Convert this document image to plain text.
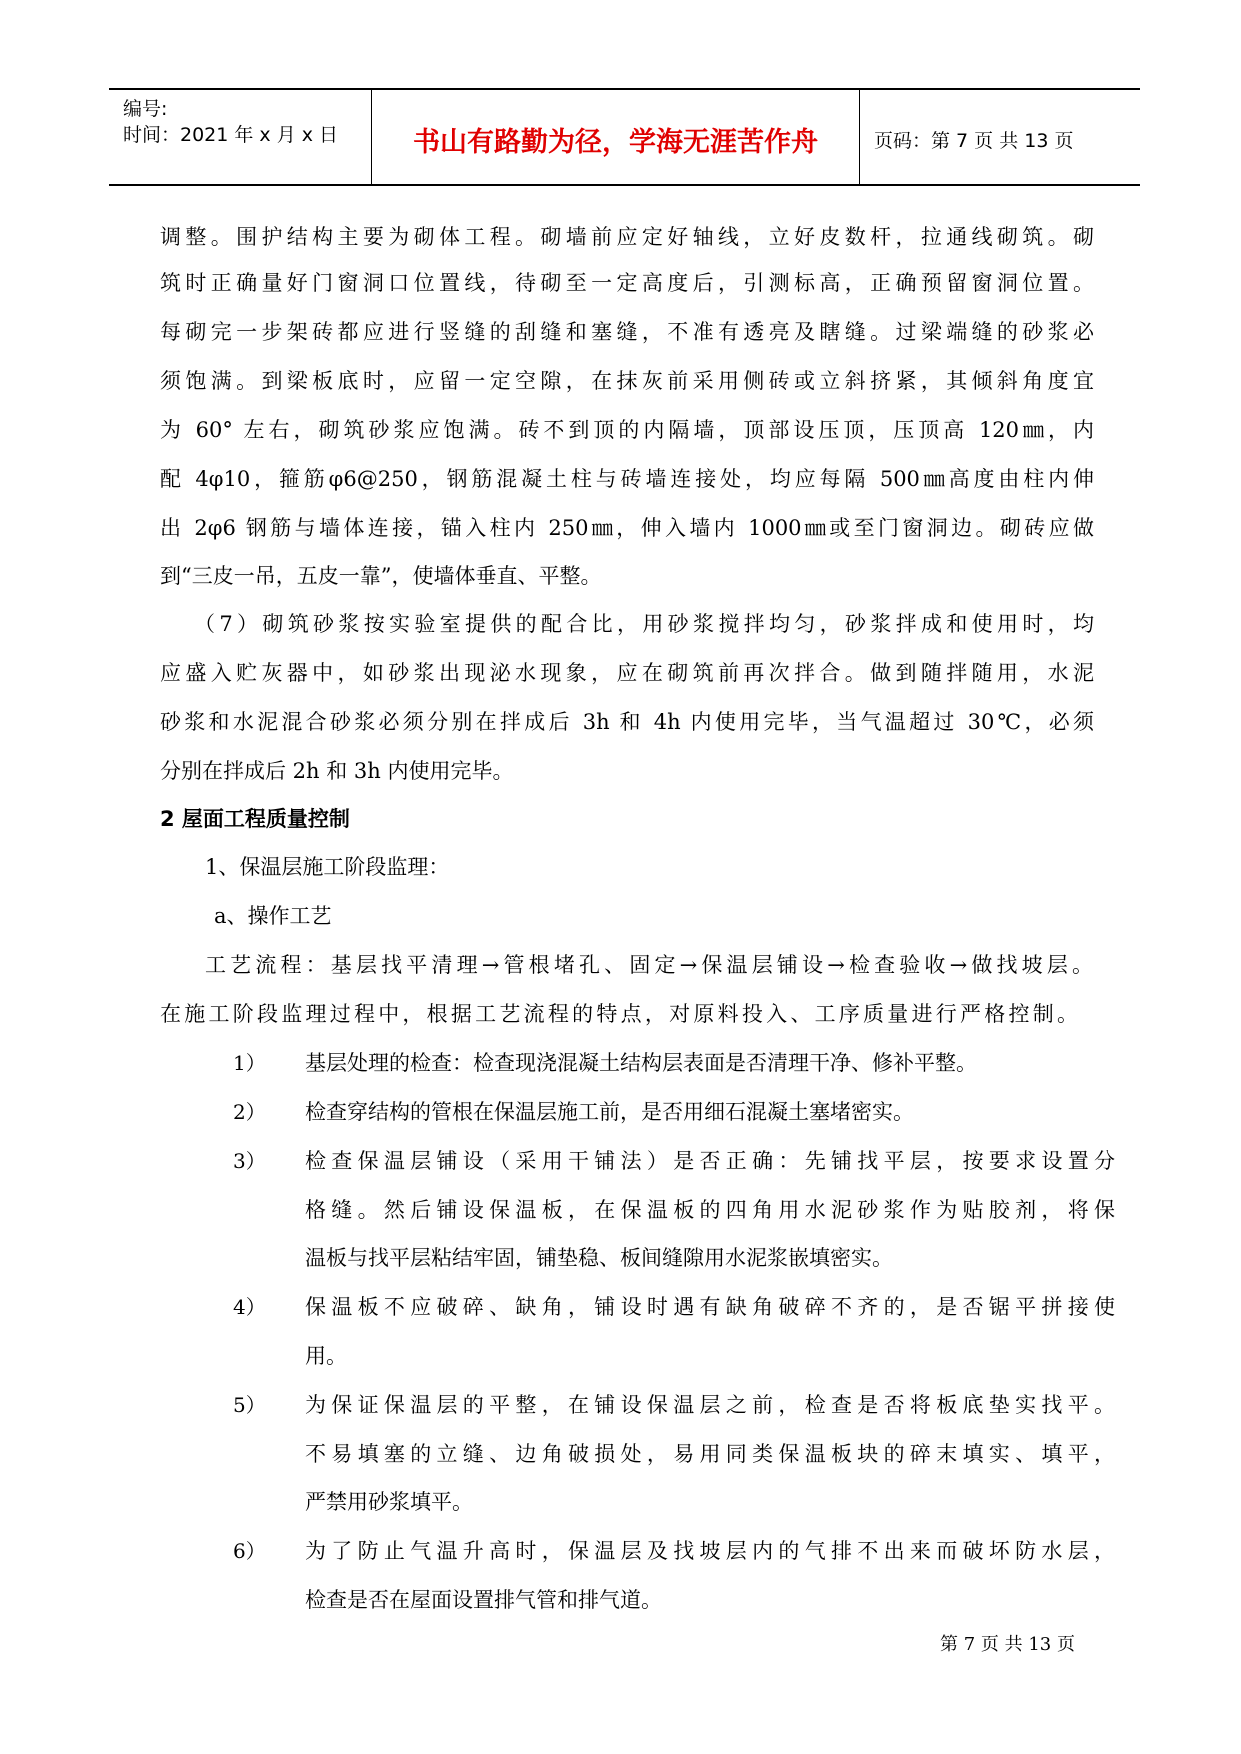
编号:
时间：2021 年 x 月 x 日	书山有路勤为径，学海无涯苦作舟	页码：第 7 页 共 13 页
调整。围护结构主要为砌体工程。砌墙前应定好轴线，立好皮数杆，拉通线砌筑。砌
筑时正确量好门窗洞口位置线，待砌至一定高度后，引测标高，正确预留窗洞位置。
每砌完一步架砖都应进行竖缝的刮缝和塞缝，不准有透亮及瞎缝。过梁端缝的砂浆必
须饱满。到梁板底时，应留一定空隙，在抹灰前采用侧砖或立斜挤紧，其倾斜角度宜
为 60° 左右，砌筑砂浆应饱满。砖不到顶的内隔墙，顶部设压顶，压顶高 120㎜，内
配 4φ10，箍筋φ6@250，钢筋混凝土柱与砖墙连接处，均应每隔 500㎜高度由柱内伸
出 2φ6 钢筋与墙体连接，锚入柱内 250㎜，伸入墙内 1000㎜或至门窗洞边。砌砖应做
到“三皮一吊，五皮一靠”，使墙体垂直、平整。
（7）砌筑砂浆按实验室提供的配合比，用砂浆搅拌均匀，砂浆拌成和使用时，均
应盛入贮灰器中，如砂浆出现泌水现象，应在砌筑前再次拌合。做到随拌随用，水泥
砂浆和水泥混合砂浆必须分别在拌成后 3h 和 4h 内使用完毕，当气温超过 30℃，必须
分别在拌成后 2h 和 3h 内使用完毕。
2 屋面工程质量控制
1、保温层施工阶段监理：
a、操作工艺
工艺流程：基层找平清理→管根堵孔、固定→保温层铺设→检查验收→做找坡层。
在施工阶段监理过程中，根据工艺流程的特点，对原料投入、工序质量进行严格控制。
1） 基层处理的检查：检查现浇混凝土结构层表面是否清理干净、修补平整。
2） 检查穿结构的管根在保温层施工前，是否用细石混凝土塞堵密实。
3） 检查保温层铺设（采用干铺法）是否正确：先铺找平层，按要求设置分
格缝。然后铺设保温板，在保温板的四角用水泥砂浆作为贴胶剂，将保
温板与找平层粘结牢固，铺垫稳、板间缝隙用水泥浆嵌填密实。
4） 保温板不应破碎、缺角，铺设时遇有缺角破碎不齐的，是否锯平拼接使
用。
5） 为保证保温层的平整，在铺设保温层之前，检查是否将板底垫实找平。
不易填塞的立缝、边角破损处，易用同类保温板块的碎末填实、填平，
严禁用砂浆填平。
6） 为了防止气温升高时，保温层及找坡层内的气排不出来而破坏防水层，
检查是否在屋面设置排气管和排气道。
第 7 页 共 13 页
